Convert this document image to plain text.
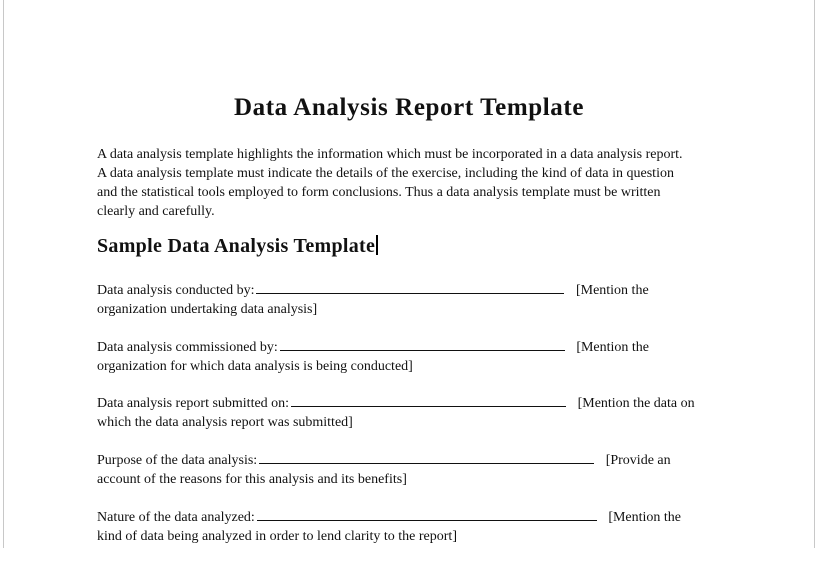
Data Analysis Report Template

A data analysis template highlights the information which must be incorporated in a data analysis report.
A data analysis template must indicate the details of the exercise, including the kind of data in question
and the statistical tools employed to form conclusions. Thus a data analysis template must be written
clearly and carefully.

Sample Data Analysis Template
Data analysis conducted by:	[Mention the
organization undertaking data analysis]
Data analysis commissioned by:	[Mention the
organization for which data analysis is being conducted]
Data analysis report submitted on:	[Mention the data on
which the data analysis report was submitted]
Purpose of the data analysis:	[Provide an
account of the reasons for this analysis and its benefits]
Nature of the data analyzed:	[Mention the
kind of data being analyzed in order to lend clarity to the report]
